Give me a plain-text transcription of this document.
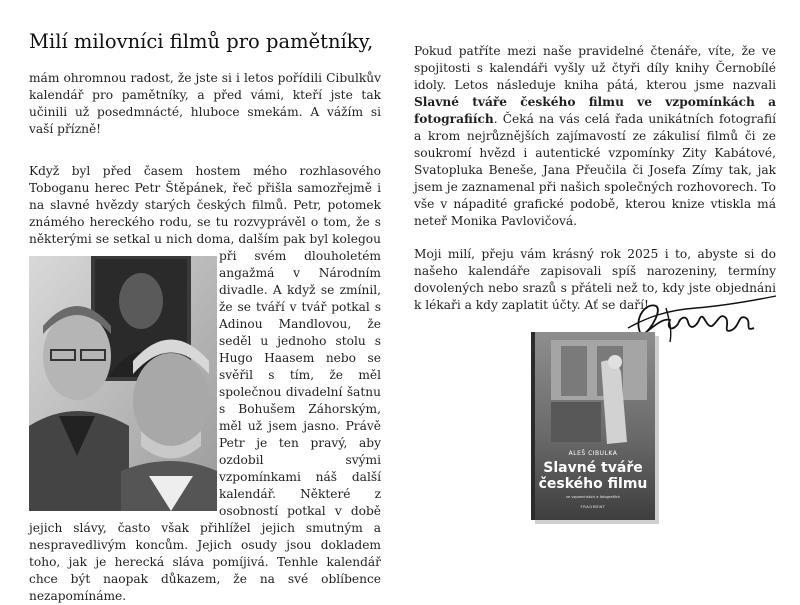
Milí milovníci filmů pro pamětníky,

mám ohromnou radost, že jste si i letos pořídili Cibulkův kalendář pro pamětníky, a před vámi, kteří jste tak učinili už posedmnácté, hluboce smekám. A vážím si vaší přízně!

Když byl před časem hostem mého rozhlasového Toboganu herec Petr Štěpánek, řeč přišla samozřejmě i na slavné hvězdy starých českých filmů. Petr, potomek známého hereckého rodu, se tu rozvyprávěl o tom, že s některými se setkal u nich doma, dalším pak byl kolegou při svém dlouholetém angažmá v Národním divadle. A když se zmínil, že se tváří v tvář potkal s Adinou Mandlovou, že seděl u jednoho stolu s Hugo Haasem nebo se svěřil s tím, že měl společnou divadelní šatnu s Bohušem Záhorským, měl už jsem jasno. Právě Petr je ten pravý, aby ozdobil svými vzpomínkami náš další kalendář. Některé z osobností potkal v době jejich slávy, často však přihlížel jejich smutným a nespravedlivým koncům. Jejich osudy jsou dokladem toho, jak je herecká sláva pomíjivá. Tenhle kalendář chce být naopak důkazem, že na své oblíbence nezapomínáme.

Pokud patříte mezi naše pravidelné čtenáře, víte, že ve spojitosti s kalendáři vyšly už čtyři díly knihy Černobílé idoly. Letos následuje kniha pátá, kterou jsme nazvali Slavné tváře českého filmu ve vzpomínkách a fotografiích. Čeká na vás celá řada unikátních fotografií a krom nejrůznějších zajímavostí ze zákulisí filmů či ze soukromí hvězd i autentické vzpomínky Zity Kabátové, Svatopluka Beneše, Jana Přeučila či Josefa Zímy tak, jak jsem je zaznamenal při našich společných rozhovorech. To vše v nápadité grafické podobě, kterou knize vtiskla má neteř Monika Pavlovičová.

Moji milí, přeju vám krásný rok 2025 i to, abyste si do našeho kalendáře zapisovali spíš narozeniny, termíny dovolených nebo srazů s přáteli než to, kdy jste objednáni k lékaři a kdy zaplatit účty. Ať se daří!

ALEŠ CIBULKA
Slavné tváře
českého filmu
ve vzpomínkách a fotografiích
FRAGMENT
